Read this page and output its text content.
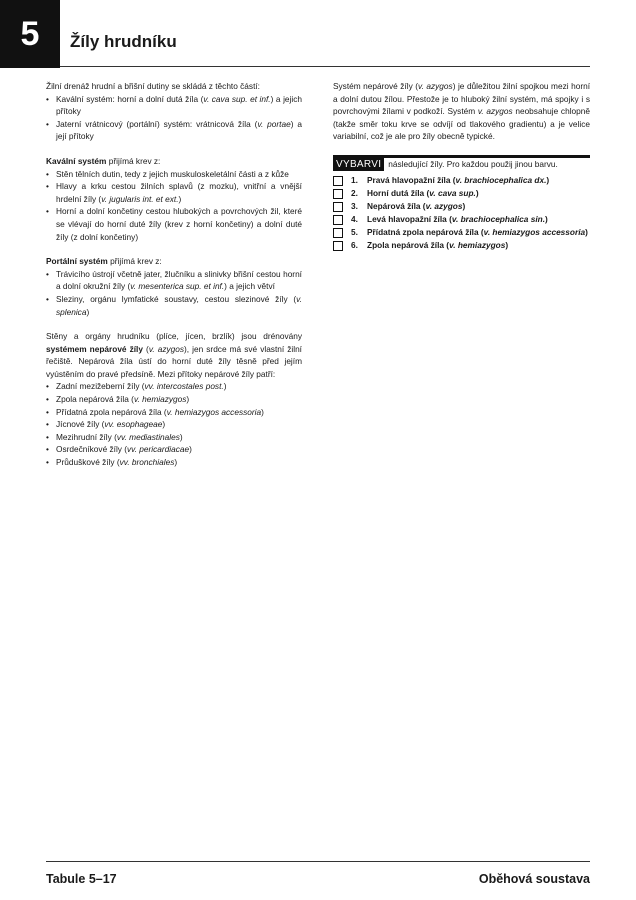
5 Žíly hrudníku

Žilní drenáž hrudní a břišní dutiny se skládá z těchto částí:

• Kavální systém: horní a dolní dutá žíla (v. cava sup. et inf.) a jejich přítoky
• Jaterní vrátnicový (portální) systém: vrátnicová žíla (v. portae) a její přítoky

Kavální systém přijímá krev z:

• Stěn tělních dutin, tedy z jejich muskuloskeletální části a z kůže
• Hlavy a krku cestou žilních splavů (z mozku), vnitřní a vnější hrdelní žíly (v. jugularis int. et ext.)
• Horní a dolní končetiny cestou hlubokých a povrchových žil, které se vlévají do horní duté žíly (krev z horní končetiny) a dolní duté žíly (z dolní končetiny)

Portální systém přijímá krev z:

• Trávicího ústrojí včetně jater, žlučníku a slinivky břišní cestou horní a dolní okružní žíly (v. mesenterica sup. et inf.) a jejich větví
• Sleziny, orgánu lymfatické soustavy, cestou slezinové žíly (v. splenica)

Stěny a orgány hrudníku (plíce, jícen, brzlík) jsou drénovány systémem nepárové žíly (v. azygos), jen srdce má své vlastní žilní řečiště. Nepárová žíla ústí do horní duté žíly těsně před jejím vyústěním do pravé předsíně. Mezi přítoky nepárové žíly patří:

• Zadní mezižeberní žíly (vv. intercostales post.)
• Zpola nepárová žíla (v. hemiazygos)
• Přídatná zpola nepárová žíla (v. hemiazygos accessoria)
• Jícnové žíly (vv. esophageae)
• Mezihrudní žíly (vv. mediastinales)
• Osrdečníkové žíly (vv. pericardiacae)
• Průduškové žíly (vv. bronchiales)

Systém nepárové žíly (v. azygos) je důležitou žilní spojkou mezi horní a dolní dutou žílou. Přestože je to hluboký žilní systém, má spojky i s povrchovými žílami v podkoží. Systém v. azygos neobsahuje chlopně (takže směr toku krve se odvíjí od tlakového gradientu) a je velice variabilní, což je ale pro žíly obecně typické.

VYBARVI následující žíly. Pro každou použij jinou barvu.
1.	Pravá hlavopažní žíla (v. brachiocephalica dx.)
2.	Horní dutá žíla (v. cava sup.)
3.	Nepárová žíla (v. azygos)
4.	Levá hlavopažní žíla (v. brachiocephalica sin.)
5.	Přídatná zpola nepárová žíla (v. hemiazygos accessoria)
6.	Zpola nepárová žíla (v. hemiazygos)
Tabule 5–17	Oběhová soustava
